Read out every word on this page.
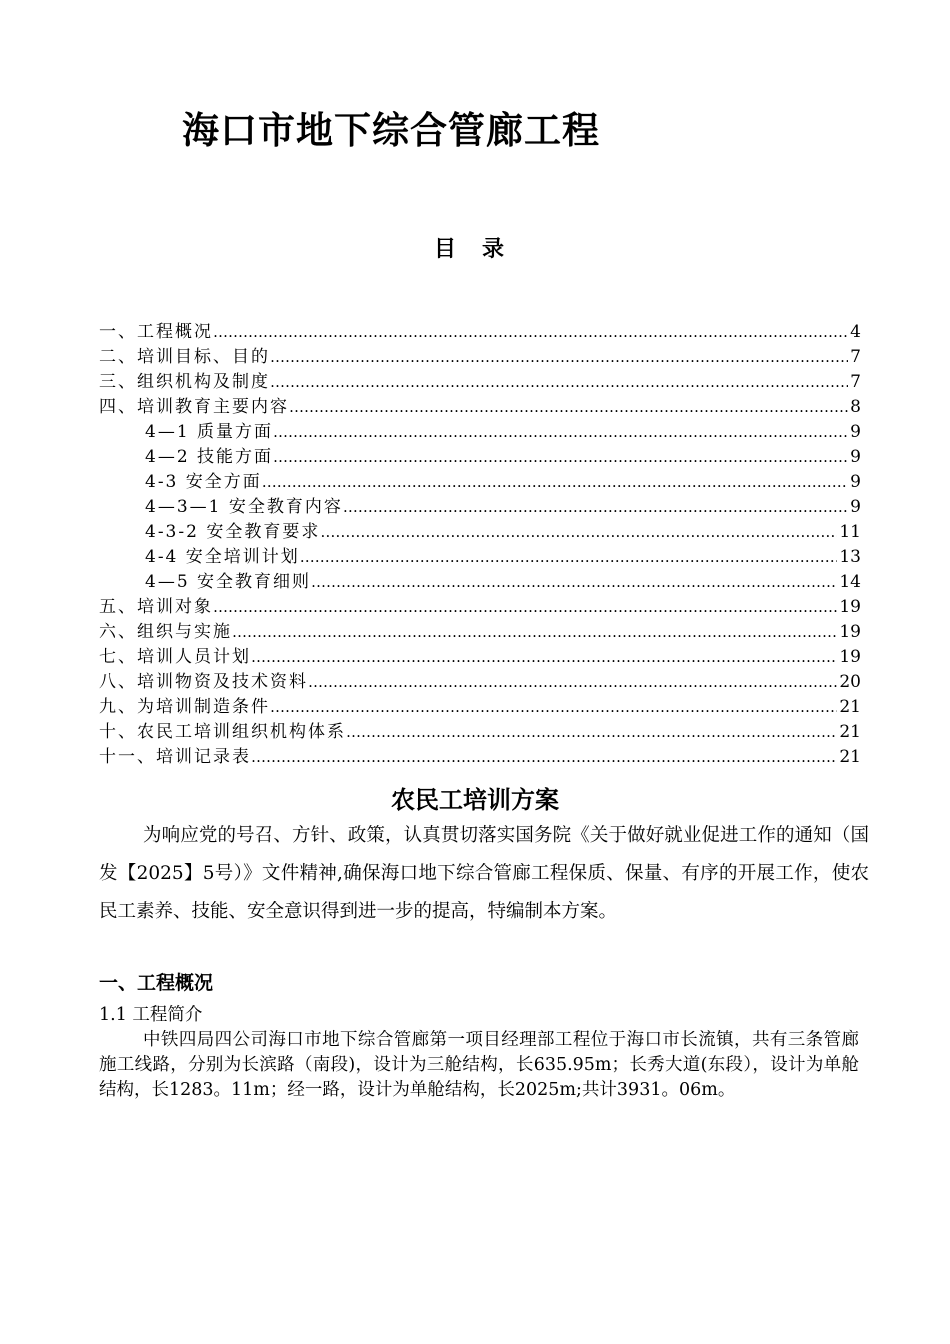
海口市地下综合管廊工程
目录
一、工程概况 ……………………………………………………………………………………………………………………………………………………………………………………………………………	4
二、培训目标、目的 ……………………………………………………………………………………………………………………………………………………………………………………………………………	7
三、组织机构及制度 ……………………………………………………………………………………………………………………………………………………………………………………………………………	7
四、培训教育主要内容 ……………………………………………………………………………………………………………………………………………………………………………………………………………	8
4—1 质量方面 ……………………………………………………………………………………………………………………………………………………………………………………………………………	9
4—2 技能方面 ……………………………………………………………………………………………………………………………………………………………………………………………………………	9
4-3 安全方面 ……………………………………………………………………………………………………………………………………………………………………………………………………………	9
4—3—1 安全教育内容 ……………………………………………………………………………………………………………………………………………………………………………………………………………	9
4-3-2 安全教育要求 ……………………………………………………………………………………………………………………………………………………………………………………………………………	11
4-4 安全培训计划 ……………………………………………………………………………………………………………………………………………………………………………………………………………	13
4—5 安全教育细则 ……………………………………………………………………………………………………………………………………………………………………………………………………………	14
五、培训对象 ……………………………………………………………………………………………………………………………………………………………………………………………………………	19
六、组织与实施 ……………………………………………………………………………………………………………………………………………………………………………………………………………	19
七、培训人员计划 ……………………………………………………………………………………………………………………………………………………………………………………………………………	19
八、培训物资及技术资料 ……………………………………………………………………………………………………………………………………………………………………………………………………………	20
九、为培训制造条件 ……………………………………………………………………………………………………………………………………………………………………………………………………………	21
十、农民工培训组织机构体系 ……………………………………………………………………………………………………………………………………………………………………………………………………………	21
十一、培训记录表 ……………………………………………………………………………………………………………………………………………………………………………………………………………	21
农民工培训方案
为响应党的号召、方针、政策，认真贯切落实国务院《关于做好就业促进工作的通知（国发【2025】5号）》文件精神,确保海口地下综合管廊工程保质、保量、有序的开展工作，使农民工素养、技能、安全意识得到进一步的提高，特编制本方案。
一、工程概况
1.1 工程简介
中铁四局四公司海口市地下综合管廊第一项目经理部工程位于海口市长流镇，共有三条管廊施工线路，分别为长滨路（南段)，设计为三舱结构，长635.95m；长秀大道(东段），设计为单舱结构，长1283。11m；经一路，设计为单舱结构，长2025m;共计3931。06m。
